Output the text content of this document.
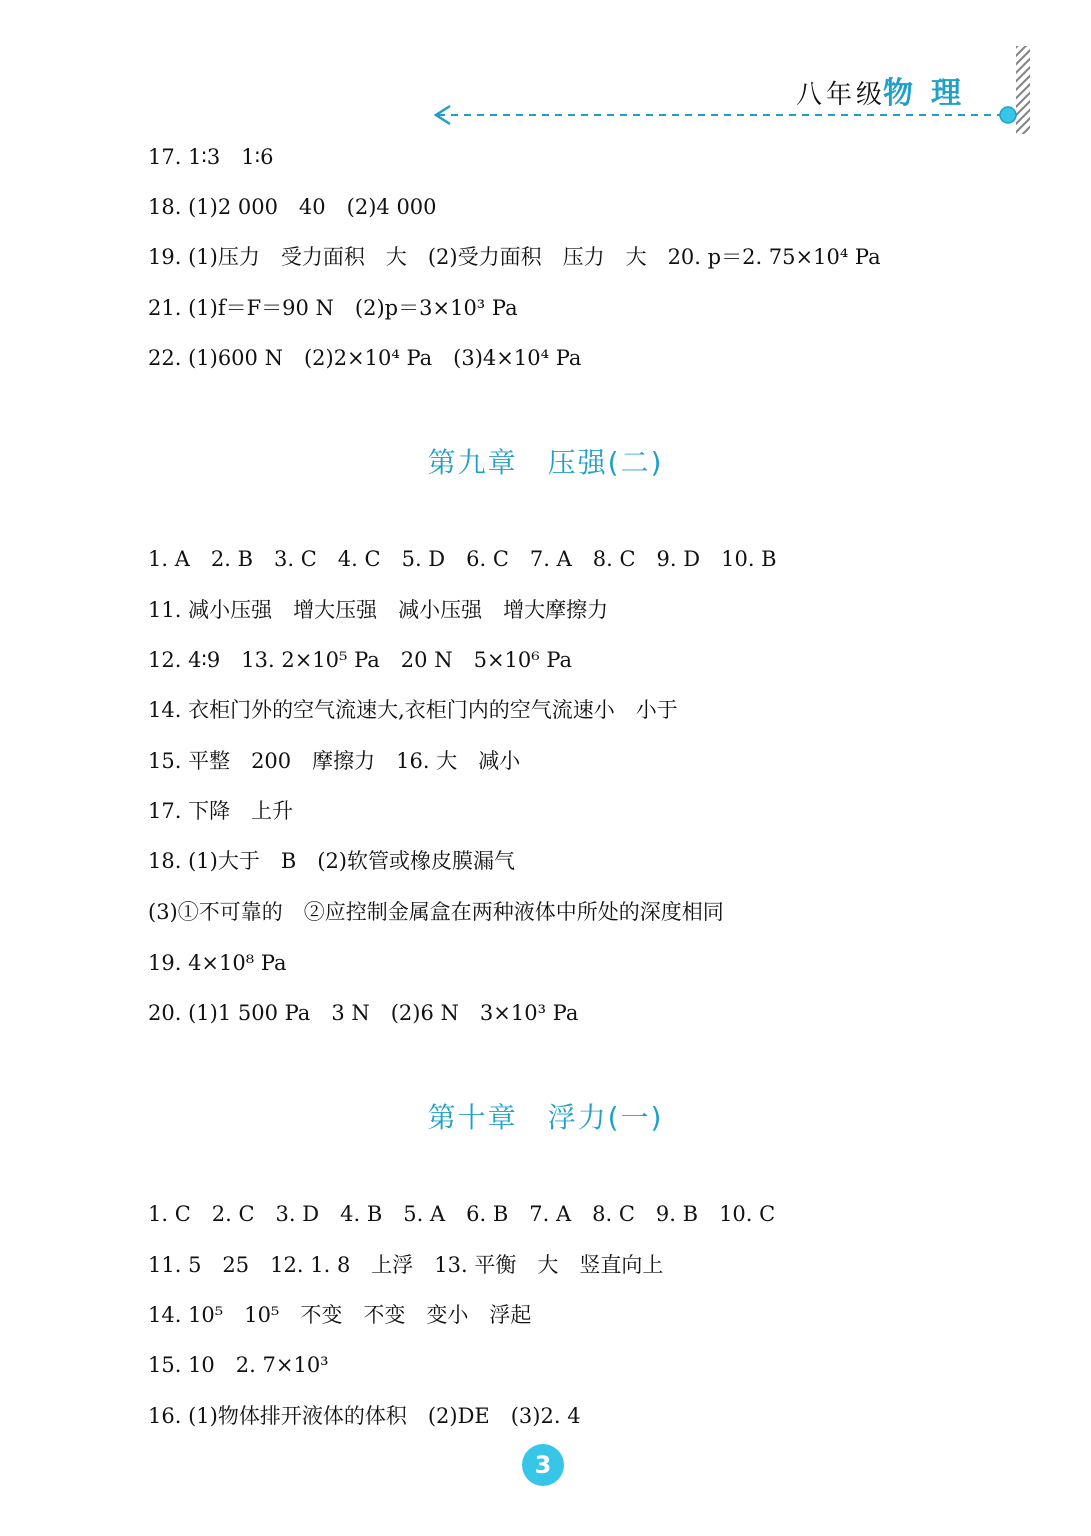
八年级
物理
17. 1∶3　1∶6
18. (1)2 000　40　(2)4 000
19. (1)压力　受力面积　大　(2)受力面积　压力　大　20. p＝2. 75×10⁴ Pa
21. (1)f＝F＝90 N　(2)p＝3×10³ Pa
22. (1)600 N　(2)2×10⁴ Pa　(3)4×10⁴ Pa
第九章　压强(二)
1. A　2. B　3. C　4. C　5. D　6. C　7. A　8. C　9. D　10. B
11. 减小压强　增大压强　减小压强　增大摩擦力
12. 4∶9　13. 2×10⁵ Pa　20 N　5×10⁶ Pa
14. 衣柜门外的空气流速大,衣柜门内的空气流速小　小于
15. 平整　200　摩擦力　16. 大　减小
17. 下降　上升
18. (1)大于　B　(2)软管或橡皮膜漏气
(3)①不可靠的　②应控制金属盒在两种液体中所处的深度相同
19. 4×10⁸ Pa
20. (1)1 500 Pa　3 N　(2)6 N　3×10³ Pa
第十章　浮力(一)
1. C　2. C　3. D　4. B　5. A　6. B　7. A　8. C　9. B　10. C
11. 5　25　12. 1. 8　上浮　13. 平衡　大　竖直向上
14. 10⁵　10⁵　不变　不变　变小　浮起
15. 10　2. 7×10³
16. (1)物体排开液体的体积　(2)DE　(3)2. 4
3
